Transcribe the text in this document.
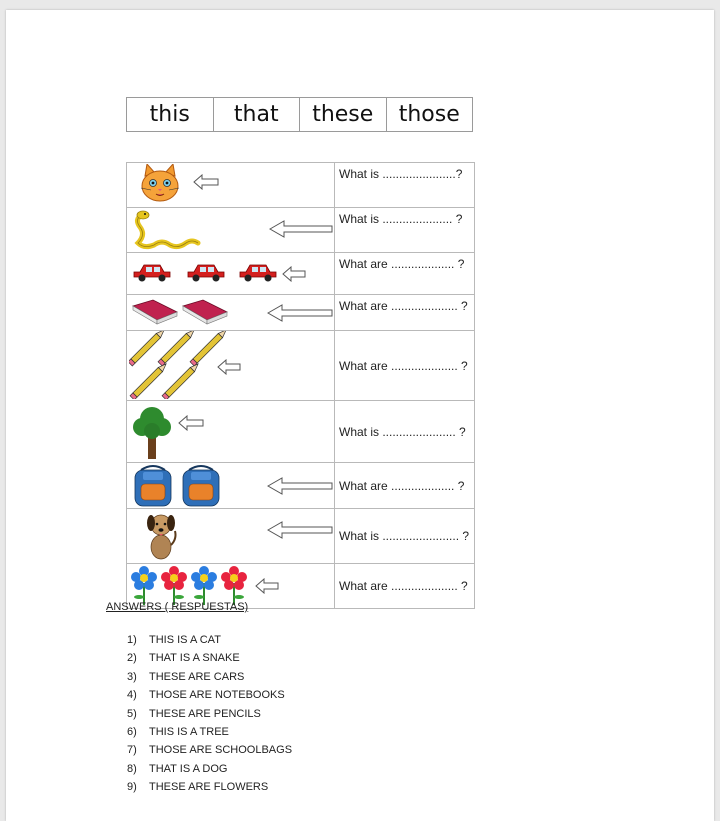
this	that	these	those
	What is ......................?

	What is ..................... ?

	What are ................... ?

	What are .................... ?

	What are .................... ?

	What is ...................... ?

	What are ................... ?

	What is ....................... ?

	What are .................... ?
ANSWERS ( RESPUESTAS)
1)	THIS IS A CAT
2)	THAT IS A SNAKE
3)	THESE ARE CARS
4)	THOSE ARE NOTEBOOKS
5)	THESE ARE PENCILS
6)	THIS IS A TREE
7)	THOSE ARE SCHOOLBAGS
8)	THAT IS A DOG
9)	THESE ARE FLOWERS
